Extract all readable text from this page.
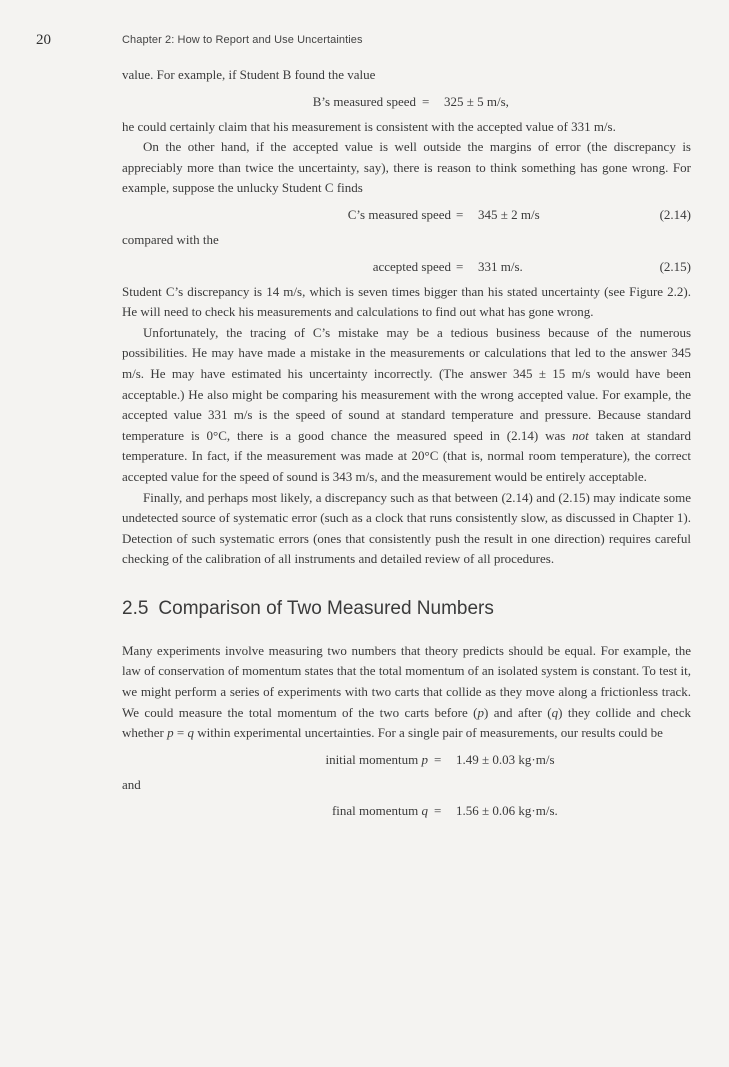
20	Chapter 2: How to Report and Use Uncertainties

value. For example, if Student B found the value

B’s measured speed = 325 ± 5 m/s,

he could certainly claim that his measurement is consistent with the accepted value of 331 m/s.

On the other hand, if the accepted value is well outside the margins of error (the discrepancy is appreciably more than twice the uncertainty, say), there is reason to think something has gone wrong. For example, suppose the unlucky Student C finds

C’s measured speed = 345 ± 2 m/s	(2.14)

compared with the

accepted speed = 331 m/s.	(2.15)

Student C’s discrepancy is 14 m/s, which is seven times bigger than his stated uncertainty (see Figure 2.2). He will need to check his measurements and calculations to find out what has gone wrong.

Unfortunately, the tracing of C’s mistake may be a tedious business because of the numerous possibilities. He may have made a mistake in the measurements or calculations that led to the answer 345 m/s. He may have estimated his uncertainty incorrectly. (The answer 345 ± 15 m/s would have been acceptable.) He also might be comparing his measurement with the wrong accepted value. For example, the accepted value 331 m/s is the speed of sound at standard temperature and pressure. Because standard temperature is 0°C, there is a good chance the measured speed in (2.14) was not taken at standard temperature. In fact, if the measurement was made at 20°C (that is, normal room temperature), the correct accepted value for the speed of sound is 343 m/s, and the measurement would be entirely acceptable.

Finally, and perhaps most likely, a discrepancy such as that between (2.14) and (2.15) may indicate some undetected source of systematic error (such as a clock that runs consistently slow, as discussed in Chapter 1). Detection of such systematic errors (ones that consistently push the result in one direction) requires careful checking of the calibration of all instruments and detailed review of all procedures.

2.5 Comparison of Two Measured Numbers

Many experiments involve measuring two numbers that theory predicts should be equal. For example, the law of conservation of momentum states that the total momentum of an isolated system is constant. To test it, we might perform a series of experiments with two carts that collide as they move along a frictionless track. We could measure the total momentum of the two carts before (p) and after (q) they collide and check whether p = q within experimental uncertainties. For a single pair of measurements, our results could be

initial momentum p = 1.49 ± 0.03 kg·m/s

and

final momentum q = 1.56 ± 0.06 kg·m/s.
